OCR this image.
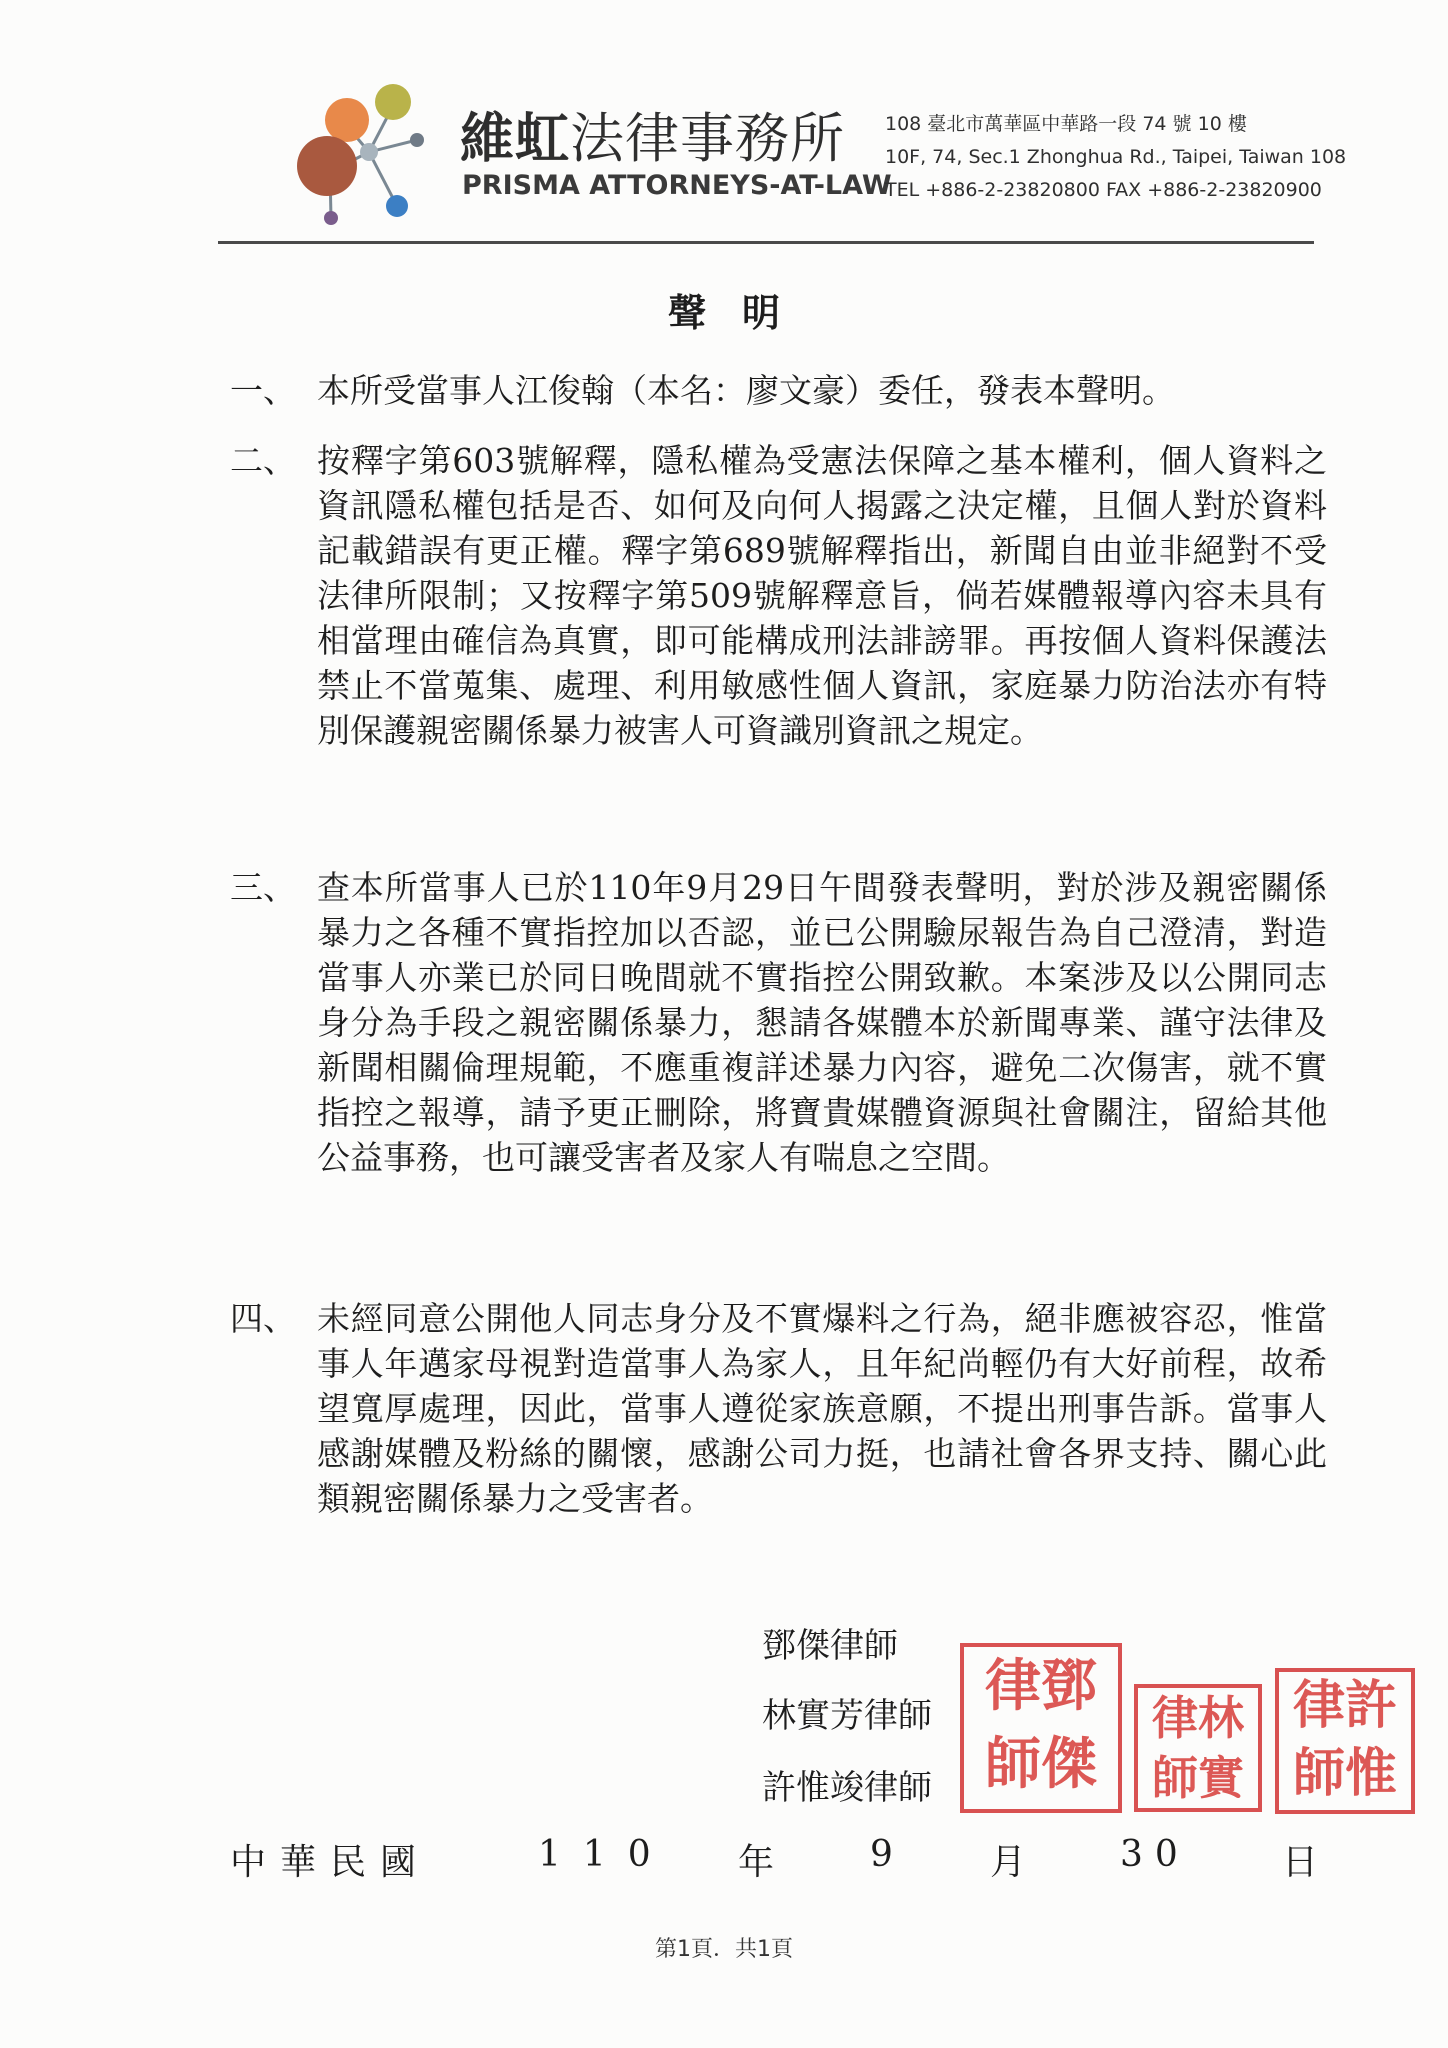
維虹法律事務所
PRISMA ATTORNEYS-AT-LAW
108 臺北市萬華區中華路一段 74 號 10 樓
10F, 74, Sec.1 Zhonghua Rd., Taipei, Taiwan 108
TEL +886-2-23820800 FAX +886-2-23820900
聲明
一、 本所受當事人江俊翰（本名：廖文豪）委任，發表本聲明。
二、 按釋字第603號解釋，隱私權為受憲法保障之基本權利，個人資料之資訊隱私權包括是否、如何及向何人揭露之決定權，且個人對於資料記載錯誤有更正權。釋字第689號解釋指出，新聞自由並非絕對不受法律所限制；又按釋字第509號解釋意旨，倘若媒體報導內容未具有相當理由確信為真實，即可能構成刑法誹謗罪。再按個人資料保護法禁止不當蒐集、處理、利用敏感性個人資訊，家庭暴力防治法亦有特別保護親密關係暴力被害人可資識別資訊之規定。
三、 查本所當事人已於110年9月29日午間發表聲明，對於涉及親密關係暴力之各種不實指控加以否認，並已公開驗尿報告為自己澄清，對造當事人亦業已於同日晚間就不實指控公開致歉。本案涉及以公開同志身分為手段之親密關係暴力，懇請各媒體本於新聞專業、謹守法律及新聞相關倫理規範，不應重複詳述暴力內容，避免二次傷害，就不實指控之報導，請予更正刪除，將寶貴媒體資源與社會關注，留給其他公益事務，也可讓受害者及家人有喘息之空間。
四、 未經同意公開他人同志身分及不實爆料之行為，絕非應被容忍，惟當事人年邁家母視對造當事人為家人，且年紀尚輕仍有大好前程，故希望寬厚處理，因此，當事人遵從家族意願，不提出刑事告訴。當事人感謝媒體及粉絲的關懷，感謝公司力挺，也請社會各界支持、關心此類親密關係暴力之受害者。
鄧傑律師
林實芳律師
許惟竣律師
律鄧
師傑
律林
師實
律許
師惟
中華民國	110 年	9	月	30	日
第1頁．共1頁
